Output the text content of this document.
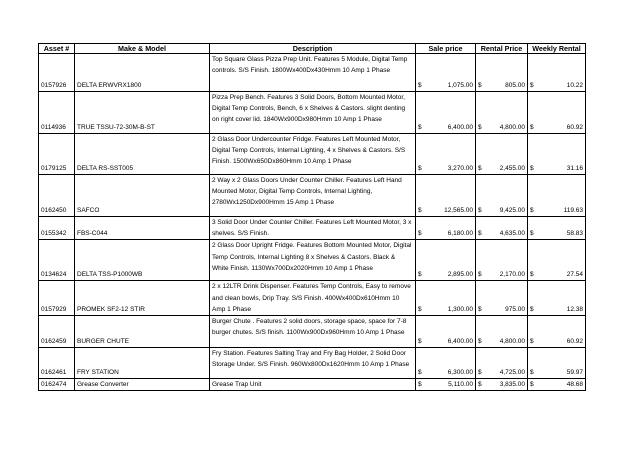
Asset #	Make & Model	Description	Sale price	Rental Price	Weekly Rental
0157926	DELTA ERWVRX1800	Top Square Glass Pizza Prep Unit. Features 5 Module, Digital Temp controls. S/S Finish. 1800Wx400Dx430Hmm 10 Amp 1 Phase	$ 1,075.00	$ 805.00	$ 10.22

0114936	TRUE TSSU-72-30M-B-ST	Pizza Prep Bench. Features 3 Solid Doors, Bottom Mounted Motor, Digital Temp Controls, Bench, 6 x Shelves & Castors. slight denting on right cover lid. 1840Wx900Dx980Hmm 10 Amp 1 Phase	$ 6,400.00	$ 4,800.00	$ 60.92

0179125	DELTA RS-SST005	2 Glass Door Undercounter Fridge. Features Left Mounted Motor, Digital Temp Controls, Internal Lighting, 4 x Shelves & Castors. S/S Finish. 1500Wx650Dx860Hmm 10 Amp 1 Phase	$ 3,270.00	$ 2,455.00	$ 31.16

0162450	SAFCO	2 Way x 2 Glass Doors Under Counter Chiller. Features Left Hand Mounted Motor, Digital Temp Controls, Internal Lighting, 2780Wx1250Dx900Hmm 15 Amp 1 Phase	$ 12,565.00	$ 9,425.00	$ 119.63

0155342	FBS-C044	3 Solid Door Under Counter Chiller. Features Left Mounted Motor, 3 x shelves. S/S Finish.	$ 6,180.00	$ 4,635.00	$ 58.83

0134624	DELTA TSS-P1000WB	2 Glass Door Upright Fridge. Features Bottom Mounted Motor, Digital Temp Controls, Internal Lighting 8 x Shelves & Castors. Black & White Finish. 1130Wx700Dx2020Hmm 10 Amp 1 Phase	$ 2,895.00	$ 2,170.00	$ 27.54

0157929	PROMEK SF2-12 STIR	2 x 12LTR Drink Dispenser. Features Temp Controls, Easy to remove and clean bowls, Drip Tray. S/S Finish. 400Wx400Dx610Hmm 10 Amp 1 Phase	$ 1,300.00	$ 975.00	$ 12.38

0162459	BURGER CHUTE	Burger Chute . Features 2 solid doors, storage space, space for 7-8 burger chutes. S/S finish. 1100Wx900Dx960Hmm 10 Amp 1 Phase	$ 6,400.00	$ 4,800.00	$ 60.92

0162461	FRY STATION	Fry Station. Features Salting Tray and Fry Bag Holder, 2 Solid Door Storage Under. S/S Finish. 960Wx800Dx1620Hmm 10 Amp 1 Phase	$ 6,300.00	$ 4,725.00	$ 59.97

0162474	Grease Converter	Grease Trap Unit	$ 5,110.00	$ 3,835.00	$ 48.68
